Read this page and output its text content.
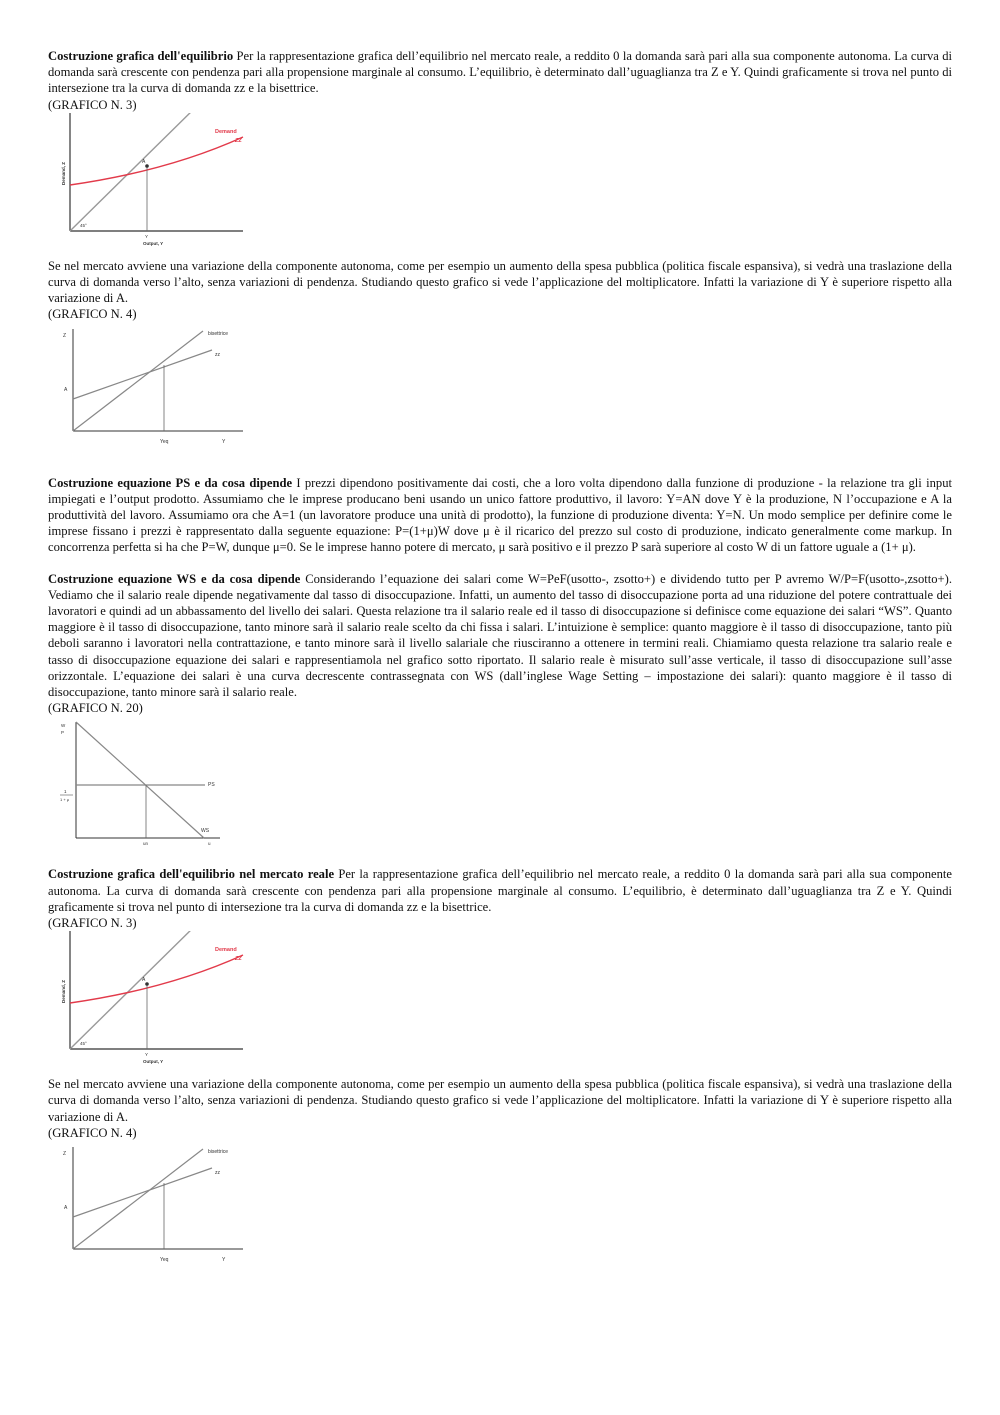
Costruzione grafica dell'equilibrio Per la rappresentazione grafica dell’equilibrio nel mercato reale, a reddito 0 la domanda sarà pari alla sua componente autonoma. La curva di domanda sarà crescente con pendenza pari alla propensione marginale al consumo. L’equilibrio, è determinato dall’uguaglianza tra Z e Y. Quindi graficamente si trova nel punto di intersezione tra la curva di domanda zz e la bisettrice.

(GRAFICO N. 3)

A
Demand
ZZ
45°
Y
Output, Y
Demand, Z

Se nel mercato avviene una variazione della componente autonoma, come per esempio un aumento della spesa pubblica (politica fiscale espansiva), si vedrà una traslazione della curva di domanda verso l’alto, senza variazioni di pendenza. Studiando questo grafico si vede l’applicazione del moltiplicatore. Infatti la variazione di Y è superiore rispetto alla variazione di A.

(GRAFICO N. 4)

Z
A
bisettrice
zz
Yeq	Y

Costruzione equazione PS e da cosa dipende I prezzi dipendono positivamente dai costi, che a loro volta dipendono dalla funzione di produzione - la relazione tra gli input impiegati e l’output prodotto. Assumiamo che le imprese producano beni usando un unico fattore produttivo, il lavoro: Y=AN dove Y è la produzione, N l’occupazione e A la produttività del lavoro. Assumiamo ora che A=1 (un lavoratore produce una unità di prodotto), la funzione di produzione diventa: Y=N. Un modo semplice per definire come le imprese fissano i prezzi è rappresentato dalla seguente equazione: P=(1+μ)W dove μ è il ricarico del prezzo sul costo di produzione, indicato generalmente come markup. In concorrenza perfetta si ha che P=W, dunque μ=0. Se le imprese hanno potere di mercato, μ sarà positivo e il prezzo P sarà superiore al costo W di un fattore uguale a (1+ μ).

Costruzione equazione WS e da cosa dipende Considerando l’equazione dei salari come W=PeF(usotto-, zsotto+) e dividendo tutto per P avremo W/P=F(usotto-,zsotto+). Vediamo che il salario reale dipende negativamente dal tasso di disoccupazione. Infatti, un aumento del tasso di disoccupazione porta ad una riduzione del potere contrattuale dei lavoratori e quindi ad un abbassamento del livello dei salari. Questa relazione tra il salario reale ed il tasso di disoccupazione si definisce come equazione dei salari “WS”. Quanto maggiore è il tasso di disoccupazione, tanto minore sarà il salario reale scelto da chi fissa i salari. L’intuizione è semplice: quanto maggiore è il tasso di disoccupazione, tanto più deboli saranno i lavoratori nella contrattazione, e tanto minore sarà il livello salariale che riusciranno a ottenere in termini reali. Chiamiamo questa relazione tra salario reale e tasso di disoccupazione equazione dei salari e rappresentiamola nel grafico sotto riportato. Il salario reale è misurato sull’asse verticale, il tasso di disoccupazione sull’asse orizzontale. L’equazione dei salari è una curva decrescente contrassegnata con WS (dall’inglese Wage Setting – impostazione dei salari): quanto maggiore è il tasso di disoccupazione, tanto minore sarà il salario reale.

(GRAFICO N. 20)

W
P
1
1 + μ
PS
WS
un	u

Costruzione grafica dell'equilibrio nel mercato reale Per la rappresentazione grafica dell’equilibrio nel mercato reale, a reddito 0 la domanda sarà pari alla sua componente autonoma. La curva di domanda sarà crescente con pendenza pari alla propensione marginale al consumo. L’equilibrio, è determinato dall’uguaglianza tra Z e Y. Quindi graficamente si trova nel punto di intersezione tra la curva di domanda zz e la bisettrice.

(GRAFICO N. 3)

A
Demand
ZZ
45°
Y
Output, Y
Demand, Z

Se nel mercato avviene una variazione della componente autonoma, come per esempio un aumento della spesa pubblica (politica fiscale espansiva), si vedrà una traslazione della curva di domanda verso l’alto, senza variazioni di pendenza. Studiando questo grafico si vede l’applicazione del moltiplicatore. Infatti la variazione di Y è superiore rispetto alla variazione di A.

(GRAFICO N. 4)

Z
A
bisettrice
zz
Yeq	Y
